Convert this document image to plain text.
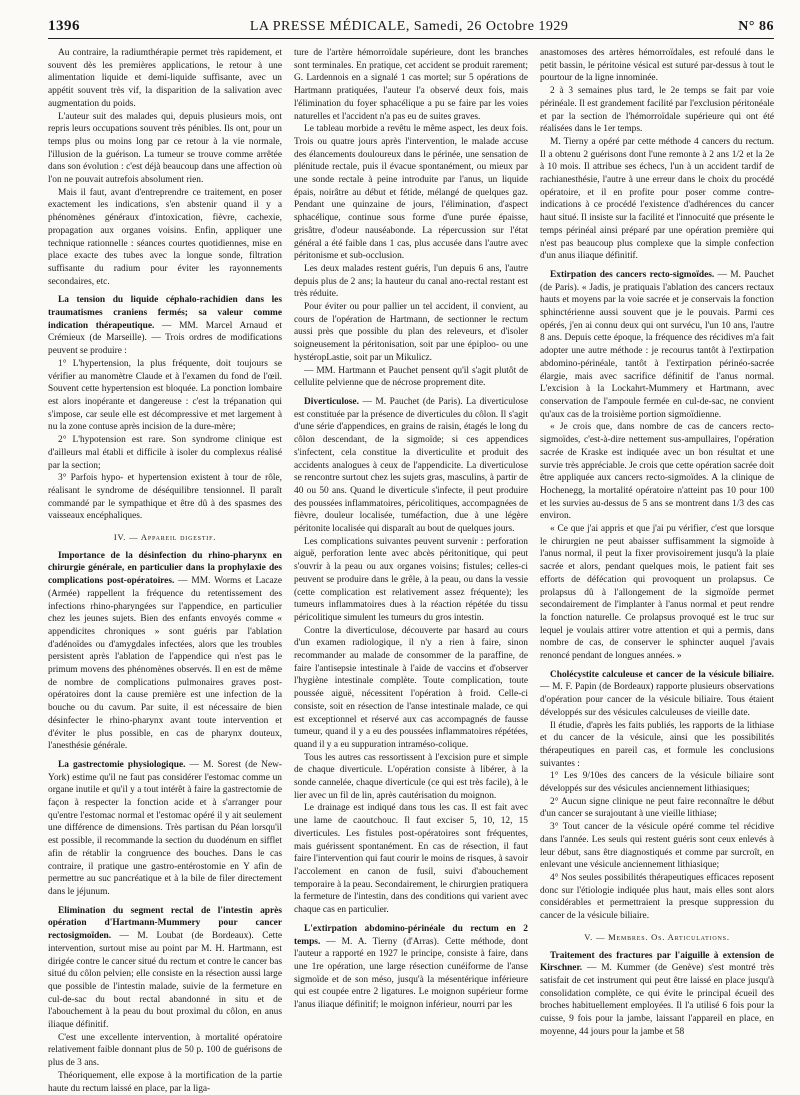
1396	LA PRESSE MÉDICALE, Samedi, 26 Octobre 1929	N° 86

Au contraire, la radiumthérapie permet très rapidement, et souvent dès les premières applications, le retour à une alimentation liquide et demi-liquide suffisante, avec un appétit souvent très vif, la disparition de la salivation avec augmentation du poids.

L'auteur suit des malades qui, depuis plusieurs mois, ont repris leurs occupations souvent très pénibles. Ils ont, pour un temps plus ou moins long par ce retour à la vie normale, l'illusion de la guérison. La tumeur se trouve comme arrêtée dans son évolution : c'est déjà beaucoup dans une affection où l'on ne pouvait autrefois absolument rien.

Mais il faut, avant d'entreprendre ce traitement, en poser exactement les indications, s'en abstenir quand il y a phénomènes généraux d'intoxication, fièvre, cachexie, propagation aux organes voisins. Enfin, appliquer une technique rationnelle : séances courtes quotidiennes, mise en place exacte des tubes avec la longue sonde, filtration suffisante du radium pour éviter les rayonnements secondaires, etc.

La tension du liquide céphalo-rachidien dans les traumatismes craniens fermés; sa valeur comme indication thérapeutique. — MM. Marcel Arnaud et Crémieux (de Marseille). — Trois ordres de modifications peuvent se produire :

1° L'hypertension, la plus fréquente, doit toujours se vérifier au manomètre Claude et à l'examen du fond de l'œil. Souvent cette hypertension est bloquée. La ponction lombaire est alors inopérante et dangereuse : c'est la trépanation qui s'impose, car seule elle est décompressive et met largement à nu la zone contuse après incision de la dure-mère;

2° L'hypotension est rare. Son syndrome clinique est d'ailleurs mal établi et difficile à isoler du complexus réalisé par la section;

3° Parfois hypo- et hypertension existent à tour de rôle, réalisant le syndrome de déséquilibre tensionnel. Il paraît commandé par le sympathique et être dû à des spasmes des vaisseaux encéphaliques.

IV. — Appareil digestif.

Importance de la désinfection du rhino-pharynx en chirurgie générale, en particulier dans la prophylaxie des complications post-opératoires. — MM. Worms et Lacaze (Armée) rappellent la fréquence du retentissement des infections rhino-pharyngées sur l'appendice, en particulier chez les jeunes sujets. Bien des enfants envoyés comme « appendicites chroniques » sont guéris par l'ablation d'adénoïdes ou d'amygdales infectées, alors que les troubles persistent après l'ablation de l'appendice qui n'est pas le primum movens des phénomènes observés. Il en est de même de nombre de complications pulmonaires graves post-opératoires dont la cause première est une infection de la bouche ou du cavum. Par suite, il est nécessaire de bien désinfecter le rhino-pharynx avant toute intervention et d'éviter le plus possible, en cas de pharynx douteux, l'anesthésie générale.

La gastrectomie physiologique. — M. Sorest (de New-York) estime qu'il ne faut pas considérer l'estomac comme un organe inutile et qu'il y a tout intérêt à faire la gastrectomie de façon à respecter la fonction acide et à s'arranger pour qu'entre l'estomac normal et l'estomac opéré il y ait seulement une différence de dimensions. Très partisan du Péan lorsqu'il est possible, il recommande la section du duodénum en sifflet afin de rétablir la congruence des bouches. Dans le cas contraire, il pratique une gastro-entérostomie en Y afin de permettre au suc pancréatique et à la bile de filer directement dans le jéjunum.

Elimination du segment rectal de l'intestin après opération d'Hartmann-Mummery pour cancer rectosigmoïden. — M. Loubat (de Bordeaux). Cette intervention, surtout mise au point par M. H. Hartmann, est dirigée contre le cancer situé du rectum et contre le cancer bas situé du côlon pelvien; elle consiste en la résection aussi large que possible de l'intestin malade, suivie de la fermeture en cul-de-sac du bout rectal abandonné in situ et de l'abouchement à la peau du bout proximal du côlon, en anus iliaque définitif.

C'est une excellente intervention, à mortalité opératoire relativement faible donnant plus de 50 p. 100 de guérisons de plus de 3 ans.

Théoriquement, elle expose à la mortification de la partie haute du rectum laissé en place, par la liga-

ture de l'artère hémorroïdale supérieure, dont les branches sont terminales. En pratique, cet accident se produit rarement; G. Lardennois en a signalé 1 cas mortel; sur 5 opérations de Hartmann pratiquées, l'auteur l'a observé deux fois, mais l'élimination du foyer sphacélique a pu se faire par les voies naturelles et l'accident n'a pas eu de suites graves.

Le tableau morbide a revêtu le même aspect, les deux fois. Trois ou quatre jours après l'intervention, le malade accuse des élancements douloureux dans le périnée, une sensation de plénitude rectale, puis il évacue spontanément, ou mieux par une sonde rectale à peine introduite par l'anus, un liquide épais, noirâtre au début et fétide, mélangé de quelques gaz. Pendant une quinzaine de jours, l'élimination, d'aspect sphacélique, continue sous forme d'une purée épaisse, grisâtre, d'odeur nauséabonde. La répercussion sur l'état général a été faible dans 1 cas, plus accusée dans l'autre avec péritonisme et sub-occlusion.

Les deux malades restent guéris, l'un depuis 6 ans, l'autre depuis plus de 2 ans; la hauteur du canal ano-rectal restant est très réduite.

Pour éviter ou pour pallier un tel accident, il convient, au cours de l'opération de Hartmann, de sectionner le rectum aussi près que possible du plan des releveurs, et d'isoler soigneusement la péritonisation, soit par une épiploo- ou une hystéropLastie, soit par un Mikulicz.

— MM. Hartmann et Pauchet pensent qu'il s'agit plutôt de cellulite pelvienne que de nécrose proprement dite.

Diverticulose. — M. Pauchet (de Paris). La diverticulose est constituée par la présence de diverticules du côlon. Il s'agit d'une série d'appendices, en grains de raisin, étagés le long du côlon descendant, de la sigmoïde; si ces appendices s'infectent, cela constitue la diverticulite et produit des accidents analogues à ceux de l'appendicite. La diverticulose se rencontre surtout chez les sujets gras, masculins, à partir de 40 ou 50 ans. Quand le diverticule s'infecte, il peut produire des poussées inflammatoires, péricolitiques, accompagnées de fièvre, douleur localisée, tuméfaction, due à une légère péritonite localisée qui disparaît au bout de quelques jours.

Les complications suivantes peuvent survenir : perforation aiguë, perforation lente avec abcès péritonitique, qui peut s'ouvrir à la peau ou aux organes voisins; fistules; celles-ci peuvent se produire dans le grêle, à la peau, ou dans la vessie (cette complication est relativement assez fréquente); les tumeurs inflammatoires dues à la réaction répétée du tissu péricolitique simulent les tumeurs du gros intestin.

Contre la diverticulose, découverte par hasard au cours d'un examen radiologique, il n'y a rien à faire, sinon recommander au malade de consommer de la paraffine, de faire l'antisepsie intestinale à l'aide de vaccins et d'observer l'hygiène intestinale complète. Toute complication, toute poussée aiguë, nécessitent l'opération à froid. Celle-ci consiste, soit en résection de l'anse intestinale malade, ce qui est exceptionnel et réservé aux cas accompagnés de fausse tumeur, quand il y a eu des poussées inflammatoires répétées, quand il y a eu suppuration intraméso-colique.

Tous les autres cas ressortissent à l'excision pure et simple de chaque diverticule. L'opération consiste à libérer, à la sonde cannelée, chaque diverticule (ce qui est très facile), à le lier avec un fil de lin, après cautérisation du moignon.

Le drainage est indiqué dans tous les cas. Il est fait avec une lame de caoutchouc. Il faut exciser 5, 10, 12, 15 diverticules. Les fistules post-opératoires sont fréquentes, mais guérissent spontanément. En cas de résection, il faut faire l'intervention qui faut courir le moins de risques, à savoir l'accolement en canon de fusil, suivi d'abouchement temporaire à la peau. Secondairement, le chirurgien pratiquera la fermeture de l'intestin, dans des conditions qui varient avec chaque cas en particulier.

L'extirpation abdomino-périnéale du rectum en 2 temps. — M. A. Tierny (d'Arras). Cette méthode, dont l'auteur a rapporté en 1927 le principe, consiste à faire, dans une 1re opération, une large résection cunéiforme de l'anse sigmoïde et de son méso, jusqu'à la mésentérique inférieure qui est coupée entre 2 ligatures. Le moignon supérieur forme l'anus iliaque définitif; le moignon inférieur, nourri par les

anastomoses des artères hémorroïdales, est refoulé dans le petit bassin, le péritoine vésical est suturé par-dessus à tout le pourtour de la ligne innominée.

2 à 3 semaines plus tard, le 2e temps se fait par voie périnéale. Il est grandement facilité par l'exclusion péritonéale et par la section de l'hémorroïdale supérieure qui ont été réalisées dans le 1er temps.

M. Tierny a opéré par cette méthode 4 cancers du rectum. Il a obtenu 2 guérisons dont l'une remonte à 2 ans 1/2 et la 2e à 10 mois. Il attribue ses échecs, l'un à un accident tardif de rachianesthésie, l'autre à une erreur dans le choix du procédé opératoire, et il en profite pour poser comme contre-indications à ce procédé l'existence d'adhérences du cancer haut situé. Il insiste sur la facilité et l'innocuité que présente le temps périnéal ainsi préparé par une opération première qui n'est pas beaucoup plus complexe que la simple confection d'un anus iliaque définitif.

Extirpation des cancers recto-sigmoïdes. — M. Pauchet (de Paris). « Jadis, je pratiquais l'ablation des cancers rectaux hauts et moyens par la voie sacrée et je conservais la fonction sphinctérienne aussi souvent que je le pouvais. Parmi ces opérés, j'en ai connu deux qui ont survécu, l'un 10 ans, l'autre 8 ans. Depuis cette époque, la fréquence des récidives m'a fait adopter une autre méthode : je recourus tantôt à l'extirpation abdomino-périnéale, tantôt à l'extirpation périnéo-sacrée élargie, mais avec sacrifice définitif de l'anus normal. L'excision à la Lockahrt-Mummery et Hartmann, avec conservation de l'ampoule fermée en cul-de-sac, ne convient qu'aux cas de la troisième portion sigmoïdienne.

« Je crois que, dans nombre de cas de cancers recto-sigmoïdes, c'est-à-dire nettement sus-ampullaires, l'opération sacrée de Kraske est indiquée avec un bon résultat et une survie très appréciable. Je crois que cette opération sacrée doit être appliquée aux cancers recto-sigmoïdes. A la clinique de Hochenegg, la mortalité opératoire n'atteint pas 10 pour 100 et les survies au-dessus de 5 ans se montrent dans 1/3 des cas environ.

« Ce que j'ai appris et que j'ai pu vérifier, c'est que lorsque le chirurgien ne peut abaisser suffisamment la sigmoïde à l'anus normal, il peut la fixer provisoirement jusqu'à la plaie sacrée et alors, pendant quelques mois, le patient fait ses efforts de défécation qui provoquent un prolapsus. Ce prolapsus dû à l'allongement de la sigmoïde permet secondairement de l'implanter à l'anus normal et peut rendre la fonction naturelle. Ce prolapsus provoqué est le truc sur lequel je voulais attirer votre attention et qui a permis, dans nombre de cas, de conserver le sphincter auquel j'avais renoncé pendant de longues années. »

Cholécystite calculeuse et cancer de la vésicule biliaire. — M. F. Papin (de Bordeaux) rapporte plusieurs observations d'opération pour cancer de la vésicule biliaire. Tous étaient développés sur des vésicules calculeuses de vieille date.

Il étudie, d'après les faits publiés, les rapports de la lithiase et du cancer de la vésicule, ainsi que les possibilités thérapeutiques en pareil cas, et formule les conclusions suivantes :

1° Les 9/10es des cancers de la vésicule biliaire sont développés sur des vésicules anciennement lithiasiques;

2° Aucun signe clinique ne peut faire reconnaître le début d'un cancer se surajoutant à une vieille lithiase;

3° Tout cancer de la vésicule opéré comme tel récidive dans l'année. Les seuls qui restent guéris sont ceux enlevés à leur début, sans être diagnostiqués et comme par surcroît, en enlevant une vésicule anciennement lithiasique;

4° Nos seules possibilités thérapeutiques efficaces reposent donc sur l'étiologie indiquée plus haut, mais elles sont alors considérables et permettraient la presque suppression du cancer de la vésicule biliaire.

V. — Membres. Os. Articulations.

Traitement des fractures par l'aiguille à extension de Kirschner. — M. Kummer (de Genève) s'est montré très satisfait de cet instrument qui peut être laissé en place jusqu'à consolidation complète, ce qui évite le principal écueil des broches habituellement employées. Il l'a utilisé 6 fois pour la cuisse, 9 fois pour la jambe, laissant l'appareil en place, en moyenne, 44 jours pour la jambe et 58
